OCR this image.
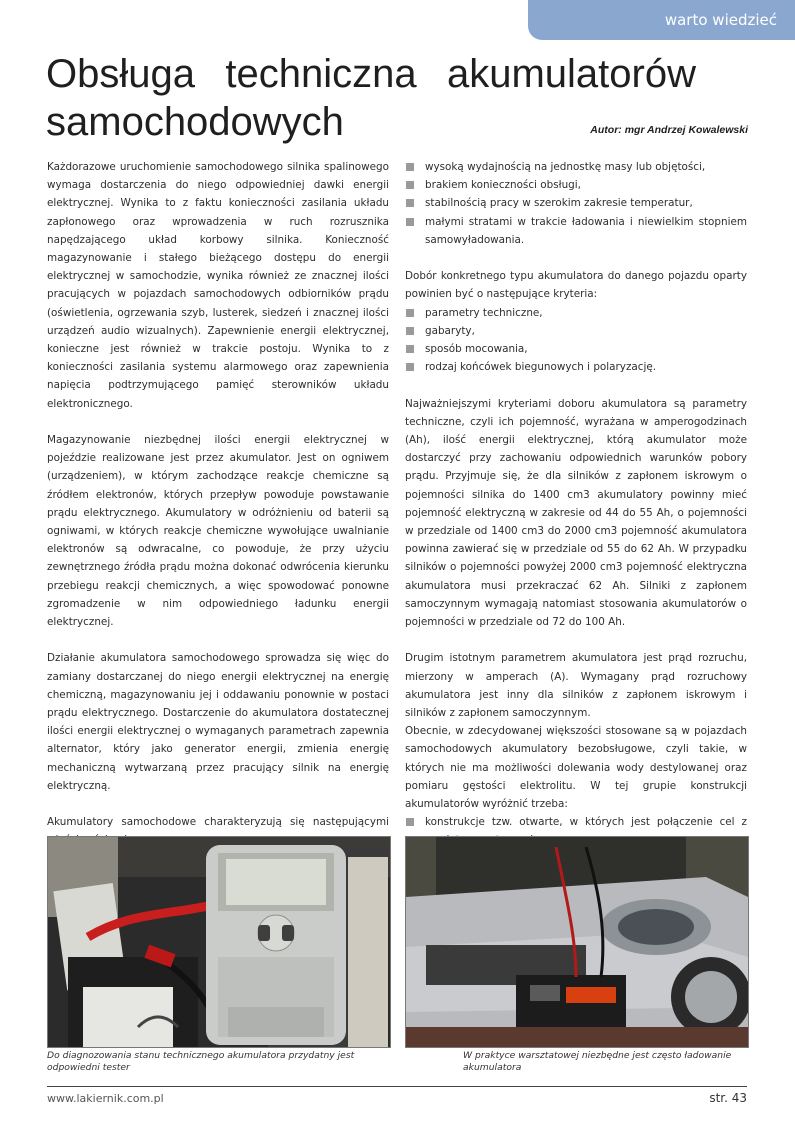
warto wiedzieć
Obsługa techniczna akumulatorów
samochodowych	Autor: mgr Andrzej Kowalewski

Każdorazowe uruchomienie samochodowego silnika spalinowego wymaga dostarczenia do niego odpowiedniej dawki energii elektrycznej. Wynika to z faktu konieczności zasilania układu zapłonowego oraz wprowadzenia w ruch rozrusznika napędzającego układ korbowy silnika. Konieczność magazynowanie i stałego bieżącego dostępu do energii elektrycznej w samochodzie, wynika również ze znacznej ilości pracujących w pojazdach samochodowych odbiorników prądu (oświetlenia, ogrzewania szyb, lusterek, siedzeń i znacznej ilości urządzeń audio wizualnych). Zapewnienie energii elektrycznej, konieczne jest również w trakcie postoju. Wynika to z konieczności zasilania systemu alarmowego oraz zapewnienia napięcia podtrzymującego pamięć sterowników układu elektronicznego.

Magazynowanie niezbędnej ilości energii elektrycznej w pojeździe realizowane jest przez akumulator. Jest on ogniwem (urządzeniem), w którym zachodzące reakcje chemiczne są źródłem elektronów, których przepływ powoduje powstawanie prądu elektrycznego. Akumulatory w odróżnieniu od baterii są ogniwami, w których reakcje chemiczne wywołujące uwalnianie elektronów są odwracalne, co powoduje, że przy użyciu zewnętrznego źródła prądu można dokonać odwrócenia kierunku przebiegu reakcji chemicznych, a więc spowodować ponowne zgromadzenie w nim odpowiedniego ładunku energii elektrycznej.

Działanie akumulatora samochodowego sprowadza się więc do zamiany dostarczanej do niego energii elektrycznej na energię chemiczną, magazynowaniu jej i oddawaniu ponownie w postaci prądu elektrycznego. Dostarczenie do akumulatora dostatecznej ilości energii elektrycznej o wymaganych parametrach zapewnia alternator, który jako generator energii, zmienia energię mechaniczną wytwarzaną przez pracujący silnik na energię elektryczną.

Akumulatory samochodowe charakteryzują się następującymi

wysoką wydajnością na jednostkę masy lub objętości,
brakiem konieczności obsługi,
stabilnością pracy w szerokim zakresie temperatur,
małymi stratami w trakcie ładowania i niewielkim stopniem samowyładowania.

Dobór konkretnego typu akumulatora do danego pojazdu oparty powinien być o następujące kryteria:

parametry techniczne,
gabaryty,
sposób mocowania,
rodzaj końcówek biegunowych i polaryzację.

Najważniejszymi kryteriami doboru akumulatora są parametry techniczne, czyli ich pojemność, wyrażana w amperogodzinach (Ah), ilość energii elektrycznej, którą akumulator może dostarczyć przy zachowaniu odpowiednich warunków pobory prądu. Przyjmuje się, że dla silników z zapłonem iskrowym o pojemności silnika do 1400 cm3 akumulatory powinny mieć pojemność elektryczną w zakresie od 44 do 55 Ah, o pojemności w przedziale od 1400 cm3 do 2000 cm3 pojemność akumulatora powinna zawierać się w przedziale od 55 do 62 Ah. W przypadku silników o pojemności powyżej 2000 cm3 pojemność elektryczna akumulatora musi przekraczać 62 Ah. Silniki z zapłonem samoczynnym wymagają natomiast stosowania akumulatorów o pojemności w przedziale od 72 do 100 Ah.

Drugim istotnym parametrem akumulatora jest prąd rozruchu, mierzony w amperach (A). Wymagany prąd rozruchowy akumulatora jest inny dla silników z zapłonem iskrowym i silników z zapłonem samoczynnym.

Obecnie, w zdecydowanej większości stosowane są w pojazdach samochodowych akumulatory bezobsługowe, czyli takie, w których nie ma możliwości dolewania wody destylowanej oraz pomiaru gęstości elektrolitu. W tej grupie konstrukcji akumulatorów wyróżnić trzeba:

konstrukcje tzw. otwarte, w których jest połączenie cel z
Do diagnozowania stanu technicznego akumulatora przydatny jest odpowiedni tester
W praktyce warsztatowej niezbędne jest często ładowanie akumulatora
www.lakiernik.com.pl	str. 43
